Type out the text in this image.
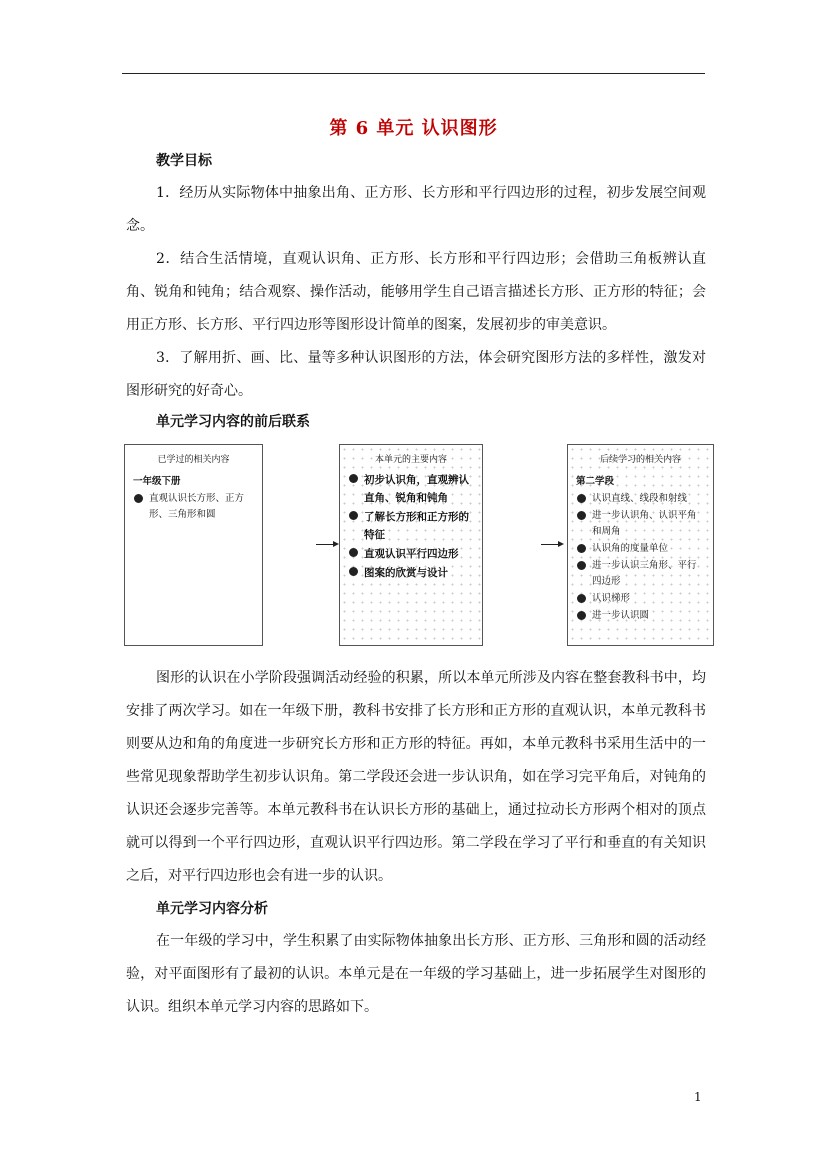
第 6 单元 认识图形
教学目标

1．经历从实际物体中抽象出角、正方形、长方形和平行四边形的过程，初步发展空间观念。

2．结合生活情境，直观认识角、正方形、长方形和平行四边形；会借助三角板辨认直角、锐角和钝角；结合观察、操作活动，能够用学生自己语言描述长方形、正方形的特征；会用正方形、长方形、平行四边形等图形设计简单的图案，发展初步的审美意识。

3．了解用折、画、比、量等多种认识图形的方法，体会研究图形方法的多样性，激发对图形研究的好奇心。

单元学习内容的前后联系
已学过的相关内容
一年级下册
直观认识长方形、正方形、三角形和圆
本单元的主要内容
初步认识角，直观辨认直角、锐角和钝角
了解长方形和正方形的特征
直观认识平行四边形
图案的欣赏与设计
后续学习的相关内容
第二学段
认识直线、线段和射线
进一步认识角、认识平角和周角
认识角的度量单位
进一步认识三角形、平行四边形
认识梯形
进一步认识圆

图形的认识在小学阶段强调活动经验的积累，所以本单元所涉及内容在整套教科书中，均安排了两次学习。如在一年级下册，教科书安排了长方形和正方形的直观认识，本单元教科书则要从边和角的角度进一步研究长方形和正方形的特征。再如，本单元教科书采用生活中的一些常见现象帮助学生初步认识角。第二学段还会进一步认识角，如在学习完平角后，对钝角的认识还会逐步完善等。本单元教科书在认识长方形的基础上，通过拉动长方形两个相对的顶点就可以得到一个平行四边形，直观认识平行四边形。第二学段在学习了平行和垂直的有关知识之后，对平行四边形也会有进一步的认识。

单元学习内容分析

在一年级的学习中，学生积累了由实际物体抽象出长方形、正方形、三角形和圆的活动经验，对平面图形有了最初的认识。本单元是在一年级的学习基础上，进一步拓展学生对图形的认识。组织本单元学习内容的思路如下。

1
